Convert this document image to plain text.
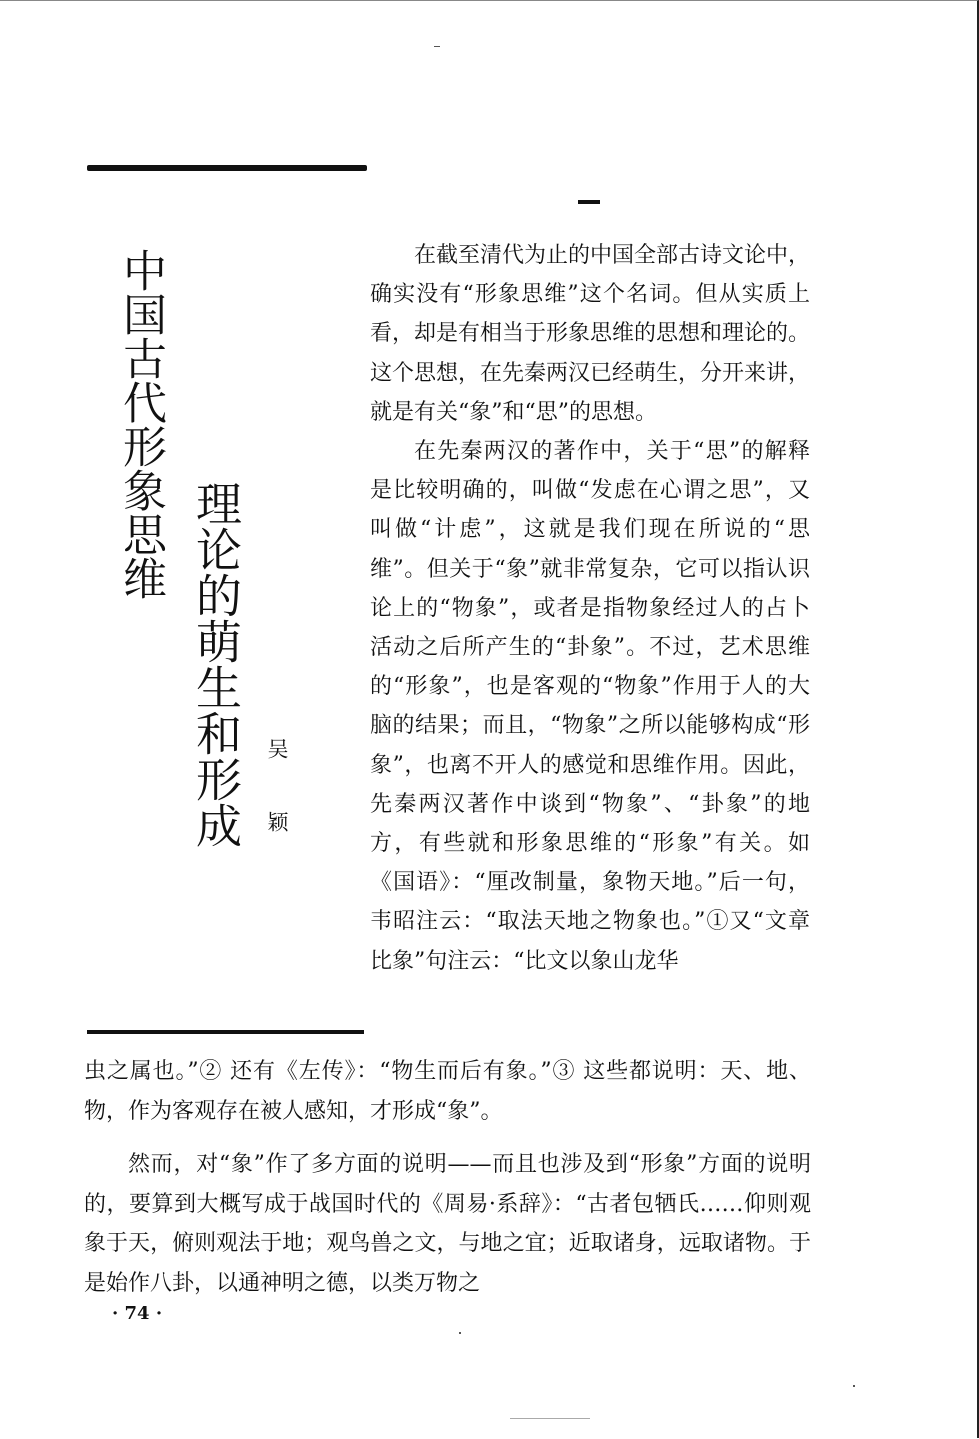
中国古代形象思维
理论的萌生和形成 吴颖

在截至清代为止的中国全部古诗文论中，确实没有“形象思维”这个名词。但从实质上看，却是有相当于形象思维的思想和理论的。这个思想，在先秦两汉已经萌生，分开来讲，就是有关“象”和“思”的思想。

在先秦两汉的著作中，关于“思”的解释是比较明确的，叫做“发虑在心谓之思”，又叫做“计虑”，这就是我们现在所说的“思维”。但关于“象”就非常复杂，它可以指认识论上的“物象”，或者是指物象经过人的占卜活动之后所产生的“卦象”。不过，艺术思维的“形象”，也是客观的“物象”作用于人的大脑的结果；而且，“物象”之所以能够构成“形象”，也离不开人的感觉和思维作用。因此，先秦两汉著作中谈到“物象”、“卦象”的地方，有些就和形象思维的“形象”有关。如《国语》：“厘改制量，象物天地。”后一句，韦昭注云：“取法天地之物象也。”①又“文章比象”句注云：“比文以象山龙华

虫之属也。”② 还有《左传》：“物生而后有象。”③ 这些都说明：天、地、物，作为客观存在被人感知，才形成“象”。

然而，对“象”作了多方面的说明——而且也涉及到“形象”方面的说明的，要算到大概写成于战国时代的《周易·系辞》：“古者包牺氏……仰则观象于天，俯则观法于地；观鸟兽之文，与地之宜；近取诸身，远取诸物。于是始作八卦，以通神明之德，以类万物之

· 74 ·
